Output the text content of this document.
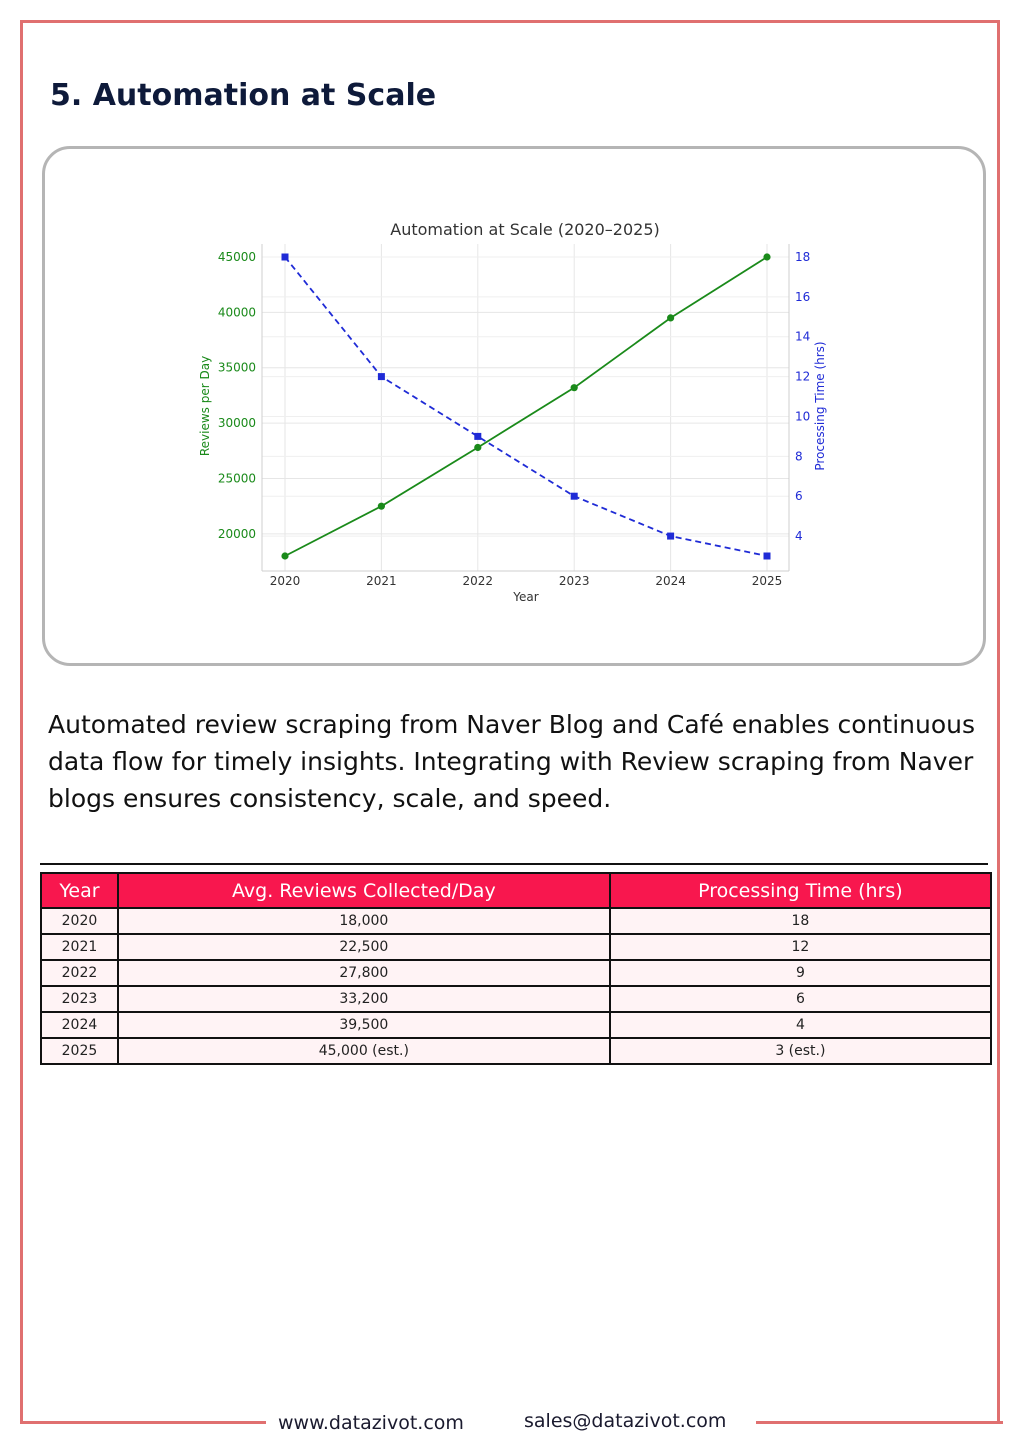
5. Automation at Scale
2020	2021	2022	2023	2024	2025
20000
25000
30000
35000
40000
45000
4
6
8
10
12
14
16
18
Automation at Scale (2020–2025)
Year
Reviews per Day	Processing Time (hrs)

Automated review scraping from Naver Blog and Café enables continuous data flow for timely insights. Integrating with Review scraping from Naver blogs ensures consistency, scale, and speed.

Year	Avg. Reviews Collected/Day	Processing Time (hrs)
2020	18,000	18
2021	22,500	12
2022	27,800	9
2023	33,200	6
2024	39,500	4
2025	45,000 (est.)	3 (est.)
www.datazivot.com	sales@datazivot.com
